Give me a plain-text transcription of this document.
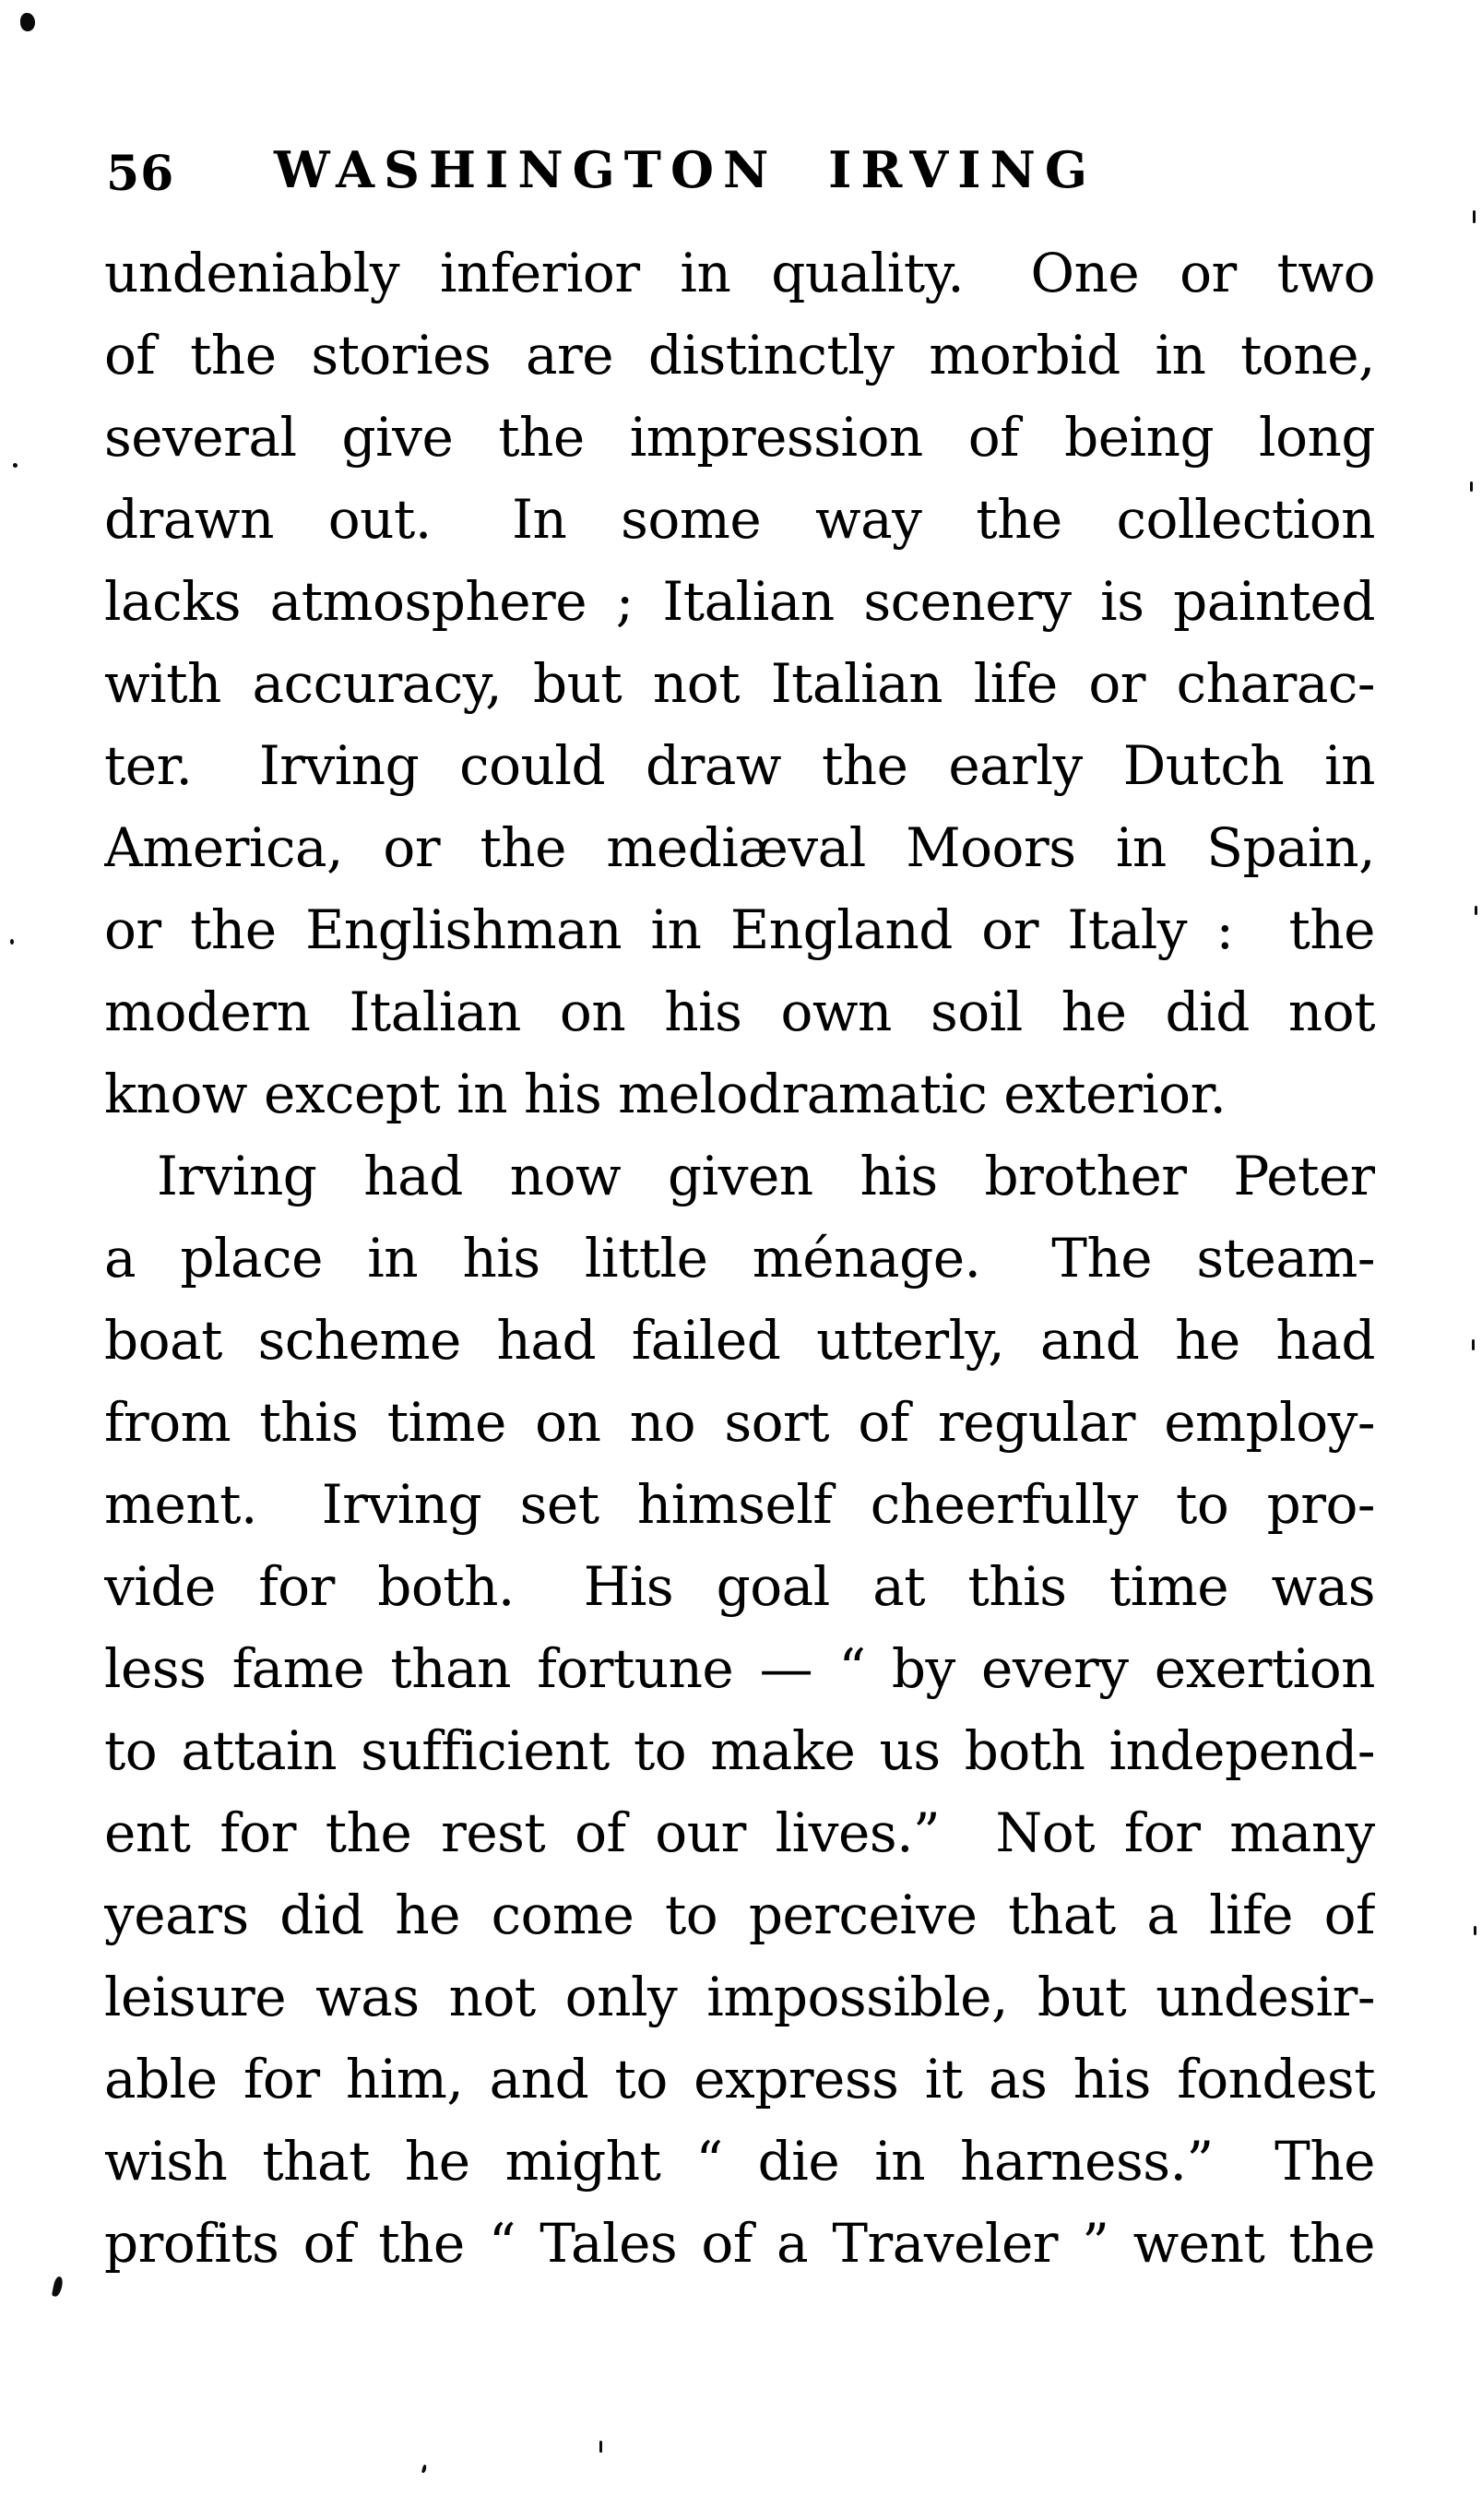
56	WASHINGTON IRVING
undeniably inferior in quality.  One or two
of the stories are distinctly morbid in tone,
several give the impression of being long
drawn out.  In some way the collection
lacks atmosphere ; Italian scenery is painted
with accuracy, but not Italian life or charac-
ter.  Irving could draw the early Dutch in
America, or the mediæval Moors in Spain,
or the Englishman in England or Italy :  the
modern Italian on his own soil he did not
know except in his melodramatic exterior.
Irving had now given his brother Peter
a place in his little ménage.  The steam-
boat scheme had failed utterly, and he had
from this time on no sort of regular employ-
ment.  Irving set himself cheerfully to pro-
vide for both.  His goal at this time was
less fame than fortune — “ by every exertion
to attain sufficient to make us both independ-
ent for the rest of our lives.”  Not for many
years did he come to perceive that a life of
leisure was not only impossible, but undesir-
able for him, and to express it as his fondest
wish that he might “ die in harness.”  The
profits of the “ Tales of a Traveler ” went the
